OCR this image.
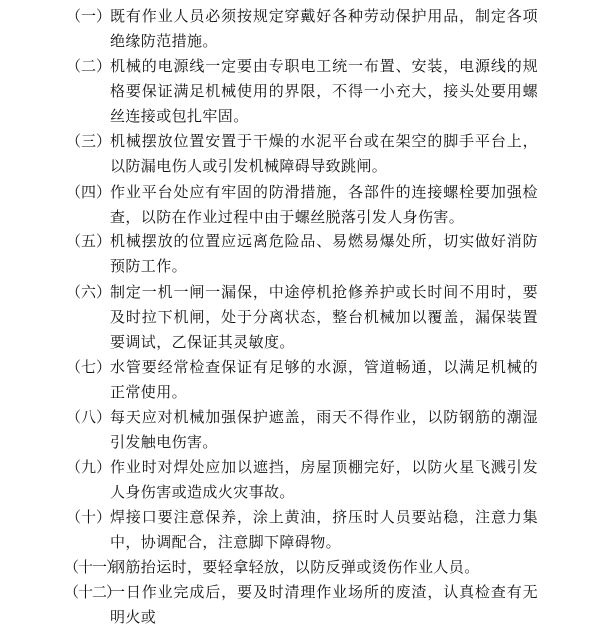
（一）
既有作业人员必须按规定穿戴好各种劳动保护用品，制定各项绝缘防范措施。
（二）
机械的电源线一定要由专职电工统一布置、安装，电源线的规格要保证满足机械使用的界限，不得一小充大，接头处要用螺丝连接或包扎牢固。
（三）
机械摆放位置安置于干燥的水泥平台或在架空的脚手平台上，以防漏电伤人或引发机械障碍导致跳闸。
（四）
作业平台处应有牢固的防滑措施，各部件的连接螺栓要加强检查，以防在作业过程中由于螺丝脱落引发人身伤害。
（五）
机械摆放的位置应远离危险品、易燃易爆处所，切实做好消防预防工作。
（六）
制定一机一闸一漏保，中途停机抢修养护或长时间不用时，要及时拉下机闸，处于分离状态，整台机械加以覆盖，漏保装置要调试，乙保证其灵敏度。
（七）
水管要经常检查保证有足够的水源，管道畅通，以满足机械的正常使用。
（八）
每天应对机械加强保护遮盖，雨天不得作业，以防钢筋的潮湿引发触电伤害。
（九）
作业时对焊处应加以遮挡，房屋顶棚完好，以防火星飞溅引发人身伤害或造成火灾事故。
（十）
焊接口要注意保养，涂上黄油，挤压时人员要站稳，注意力集中，协调配合，注意脚下障碍物。
（十一）
钢筋抬运时，要轻拿轻放，以防反弹或烫伤作业人员。
（十二）
一日作业完成后，要及时清理作业场所的废渣，认真检查有无明火或
